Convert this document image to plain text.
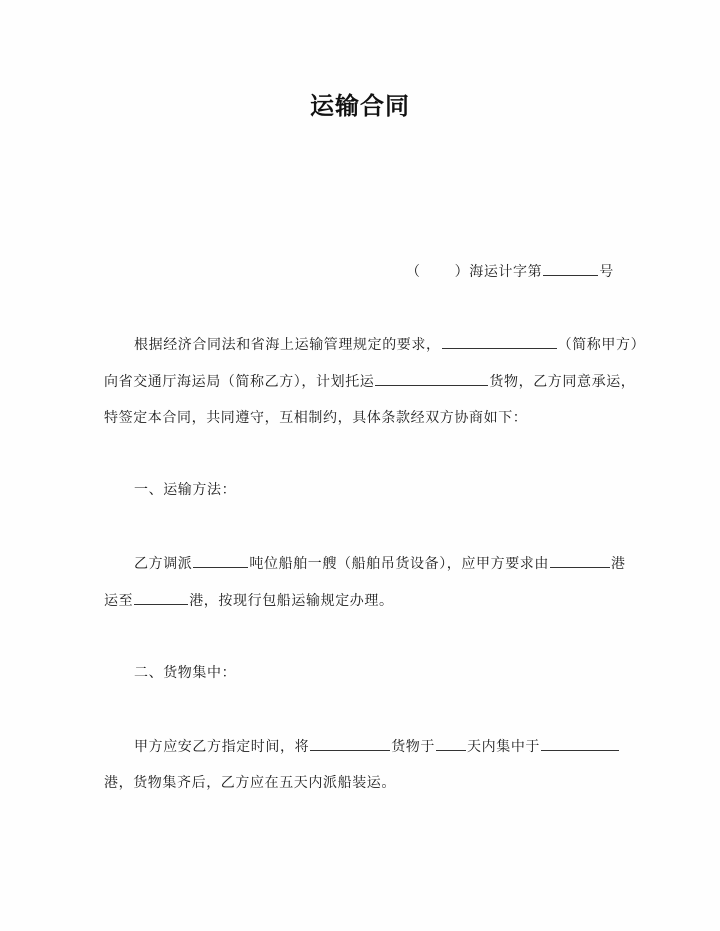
运输合同
（ ）海运计字第	号
根据经济合同法和省海上运输管理规定的要求，	（简称甲方）
向省交通厅海运局（简称乙方），计划托运	货物，乙方同意承运，
特签定本合同，共同遵守，互相制约，具体条款经双方协商如下：
一、运输方法：
乙方调派	吨位船舶一艘（船舶吊货设备），应甲方要求由	港
运至	港，按现行包船运输规定办理。
二、货物集中：
甲方应安乙方指定时间，将	货物于 天内集中于
港，货物集齐后，乙方应在五天内派船装运。
